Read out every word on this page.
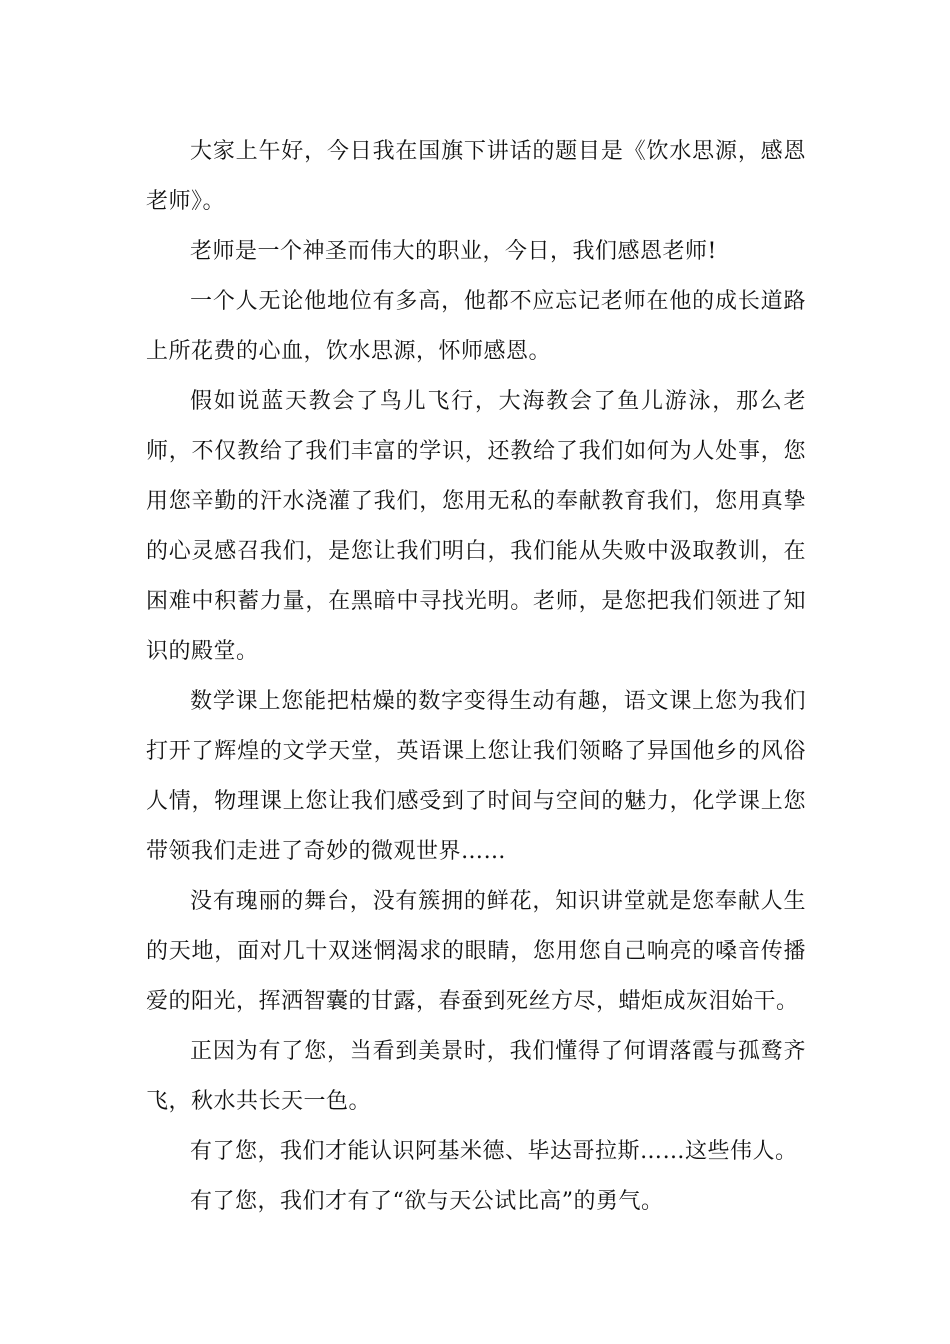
大家上午好，今日我在国旗下讲话的题目是《饮水思源，感恩老师》。

老师是一个神圣而伟大的职业，今日，我们感恩老师!

一个人无论他地位有多高，他都不应忘记老师在他的成长道路上所花费的心血，饮水思源，怀师感恩。

假如说蓝天教会了鸟儿飞行，大海教会了鱼儿游泳，那么老师，不仅教给了我们丰富的学识，还教给了我们如何为人处事，您用您辛勤的汗水浇灌了我们，您用无私的奉献教育我们，您用真挚的心灵感召我们，是您让我们明白，我们能从失败中汲取教训，在困难中积蓄力量，在黑暗中寻找光明。老师，是您把我们领进了知识的殿堂。

数学课上您能把枯燥的数字变得生动有趣，语文课上您为我们打开了辉煌的文学天堂，英语课上您让我们领略了异国他乡的风俗人情，物理课上您让我们感受到了时间与空间的魅力，化学课上您带领我们走进了奇妙的微观世界……

没有瑰丽的舞台，没有簇拥的鲜花，知识讲堂就是您奉献人生的天地，面对几十双迷惘渴求的眼睛，您用您自己响亮的嗓音传播爱的阳光，挥洒智囊的甘露，春蚕到死丝方尽，蜡炬成灰泪始干。

正因为有了您，当看到美景时，我们懂得了何谓落霞与孤鹜齐飞，秋水共长天一色。

有了您，我们才能认识阿基米德、毕达哥拉斯……这些伟人。

有了您，我们才有了“欲与天公试比高”的勇气。
